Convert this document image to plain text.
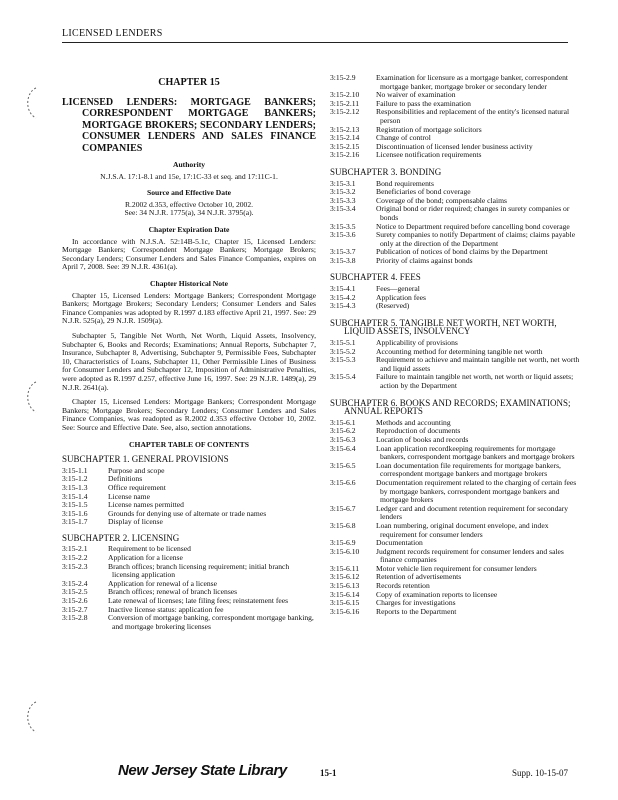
LICENSED LENDERS
CHAPTER 15
LICENSED LENDERS: MORTGAGE BANKERS; CORRESPONDENT MORTGAGE BANKERS; MORTGAGE BROKERS; SECONDARY LENDERS; CONSUMER LENDERS AND SALES FINANCE COMPANIES
Authority
N.J.S.A. 17:1-8.1 and 15e, 17:1C-33 et seq. and 17:11C-1.
Source and Effective Date
R.2002 d.353, effective October 10, 2002.
See: 34 N.J.R. 1775(a), 34 N.J.R. 3795(a).
Chapter Expiration Date
In accordance with N.J.S.A. 52:14B-5.1c, Chapter 15, Licensed Lenders: Mortgage Bankers; Correspondent Mortgage Bankers; Mortgage Brokers; Secondary Lenders; Consumer Lenders and Sales Finance Companies, expires on April 7, 2008. See: 39 N.J.R. 4361(a).
Chapter Historical Note
Chapter 15, Licensed Lenders: Mortgage Bankers; Correspondent Mortgage Bankers; Mortgage Brokers; Secondary Lenders; Consumer Lenders and Sales Finance Companies was adopted by R.1997 d.183 effective April 21, 1997. See: 29 N.J.R. 525(a), 29 N.J.R. 1509(a).
Subchapter 5, Tangible Net Worth, Net Worth, Liquid Assets, Insolvency, Subchapter 6, Books and Records; Examinations; Annual Reports, Subchapter 7, Insurance, Subchapter 8, Advertising, Subchapter 9, Permissible Fees, Subchapter 10, Characteristics of Loans, Subchapter 11, Other Permissible Lines of Business for Consumer Lenders and Subchapter 12, Imposition of Administrative Penalties, were adopted as R.1997 d.257, effective June 16, 1997. See: 29 N.J.R. 1489(a), 29 N.J.R. 2641(a).
Chapter 15, Licensed Lenders: Mortgage Bankers; Correspondent Mortgage Bankers; Mortgage Brokers; Secondary Lenders; Consumer Lenders and Sales Finance Companies, was readopted as R.2002 d.353 effective October 10, 2002. See: Source and Effective Date. See, also, section annotations.
CHAPTER TABLE OF CONTENTS
SUBCHAPTER 1. GENERAL PROVISIONS
3:15-1.1	Purpose and scope
3:15-1.2	Definitions
3:15-1.3	Office requirement
3:15-1.4	License name
3:15-1.5	License names permitted
3:15-1.6	Grounds for denying use of alternate or trade names
3:15-1.7	Display of license
SUBCHAPTER 2. LICENSING
3:15-2.1	Requirement to be licensed
3:15-2.2	Application for a license
3:15-2.3	Branch offices; branch licensing requirement; initial branch licensing application
3:15-2.4	Application for renewal of a license
3:15-2.5	Branch offices; renewal of branch licenses
3:15-2.6	Late renewal of licenses; late filing fees; reinstatement fees
3:15-2.7	Inactive license status: application fee
3:15-2.8	Conversion of mortgage banking, correspondent mortgage banking, and mortgage brokering licenses
3:15-2.9	Examination for licensure as a mortgage banker, correspondent mortgage banker, mortgage broker or secondary lender
3:15-2.10	No waiver of examination
3:15-2.11	Failure to pass the examination
3:15-2.12	Responsibilities and replacement of the entity's licensed natural person
3:15-2.13	Registration of mortgage solicitors
3:15-2.14	Change of control
3:15-2.15	Discontinuation of licensed lender business activity
3:15-2.16	Licensee notification requirements
SUBCHAPTER 3. BONDING
3:15-3.1	Bond requirements
3:15-3.2	Beneficiaries of bond coverage
3:15-3.3	Coverage of the bond; compensable claims
3:15-3.4	Original bond or rider required; changes in surety companies or bonds
3:15-3.5	Notice to Department required before cancelling bond coverage
3:15-3.6	Surety companies to notify Department of claims; claims payable only at the direction of the Department
3:15-3.7	Publication of notices of bond claims by the Department
3:15-3.8	Priority of claims against bonds
SUBCHAPTER 4. FEES
3:15-4.1	Fees—general
3:15-4.2	Application fees
3:15-4.3	(Reserved)
SUBCHAPTER 5. TANGIBLE NET WORTH, NET WORTH, LIQUID ASSETS, INSOLVENCY
3:15-5.1	Applicability of provisions
3:15-5.2	Accounting method for determining tangible net worth
3:15-5.3	Requirement to achieve and maintain tangible net worth, net worth and liquid assets
3:15-5.4	Failure to maintain tangible net worth, net worth or liquid assets; action by the Department
SUBCHAPTER 6. BOOKS AND RECORDS; EXAMINATIONS; ANNUAL REPORTS
3:15-6.1	Methods and accounting
3:15-6.2	Reproduction of documents
3:15-6.3	Location of books and records
3:15-6.4	Loan application recordkeeping requirements for mortgage bankers, correspondent mortgage bankers and mortgage brokers
3:15-6.5	Loan documentation file requirements for mortgage bankers, correspondent mortgage bankers and mortgage brokers
3:15-6.6	Documentation requirement related to the charging of certain fees by mortgage bankers, correspondent mortgage bankers and mortgage brokers
3:15-6.7	Ledger card and document retention requirement for secondary lenders
3:15-6.8	Loan numbering, original document envelope, and index requirement for consumer lenders
3:15-6.9	Documentation
3:15-6.10	Judgment records requirement for consumer lenders and sales finance companies
3:15-6.11	Motor vehicle lien requirement for consumer lenders
3:15-6.12	Retention of advertisements
3:15-6.13	Records retention
3:15-6.14	Copy of examination reports to licensee
3:15-6.15	Charges for investigations
3:15-6.16	Reports to the Department
New Jersey State Library	15-1	Supp. 10-15-07
